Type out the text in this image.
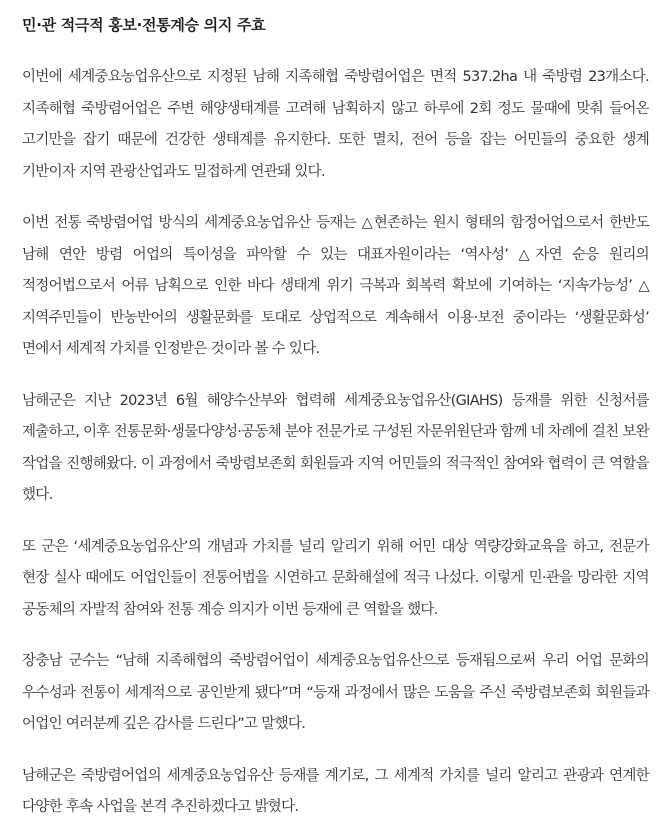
민·관 적극적 홍보·전통계승 의지 주효

이번에 세계중요농업유산으로 지정된 남해 지족해협 죽방렴어업은 면적 537.2ha 내 죽방렴 23개소다. 지족해협 죽방렴어업은 주변 해양생태계를 고려해 남획하지 않고 하루에 2회 정도 물때에 맞춰 들어온 고기만을 잡기 때문에 건강한 생태계를 유지한다. 또한 멸치, 전어 등을 잡는 어민들의 중요한 생계 기반이자 지역 관광산업과도 밀접하게 연관돼 있다.

이번 전통 죽방렴어업 방식의 세계중요농업유산 등재는 △현존하는 원시 형태의 함정어업으로서 한반도 남해 연안 방렴 어업의 특이성을 파악할 수 있는 대표자원이라는 ‘역사성’ △자연 순응 원리의 적정어법으로서 어류 남획으로 인한 바다 생태계 위기 극복과 회복력 확보에 기여하는 ‘지속가능성’ △지역주민들이 반농반어의 생활문화를 토대로 상업적으로 계속해서 이용·보전 중이라는 ‘생활문화성’ 면에서 세계적 가치를 인정받은 것이라 볼 수 있다.

남해군은 지난 2023년 6월 해양수산부와 협력해 세계중요농업유산(GIAHS) 등재를 위한 신청서를 제출하고, 이후 전통문화·생물다양성·공동체 분야 전문가로 구성된 자문위원단과 함께 네 차례에 걸친 보완 작업을 진행해왔다. 이 과정에서 죽방렴보존회 회원들과 지역 어민들의 적극적인 참여와 협력이 큰 역할을 했다.

또 군은 ‘세계중요농업유산’의 개념과 가치를 널리 알리기 위해 어민 대상 역량강화교육을 하고, 전문가 현장 실사 때에도 어업인들이 전통어법을 시연하고 문화해설에 적극 나섰다. 이렇게 민·관을 망라한 지역 공동체의 자발적 참여와 전통 계승 의지가 이번 등재에 큰 역할을 했다.

장충남 군수는 “남해 지족해협의 죽방렴어업이 세계중요농업유산으로 등재됨으로써 우리 어업 문화의 우수성과 전통이 세계적으로 공인받게 됐다”며 “등재 과정에서 많은 도움을 주신 죽방렴보존회 회원들과 어업인 여러분께 깊은 감사를 드린다”고 말했다.

남해군은 죽방렴어업의 세계중요농업유산 등재를 계기로, 그 세계적 가치를 널리 알리고 관광과 연계한 다양한 후속 사업을 본격 추진하겠다고 밝혔다.
